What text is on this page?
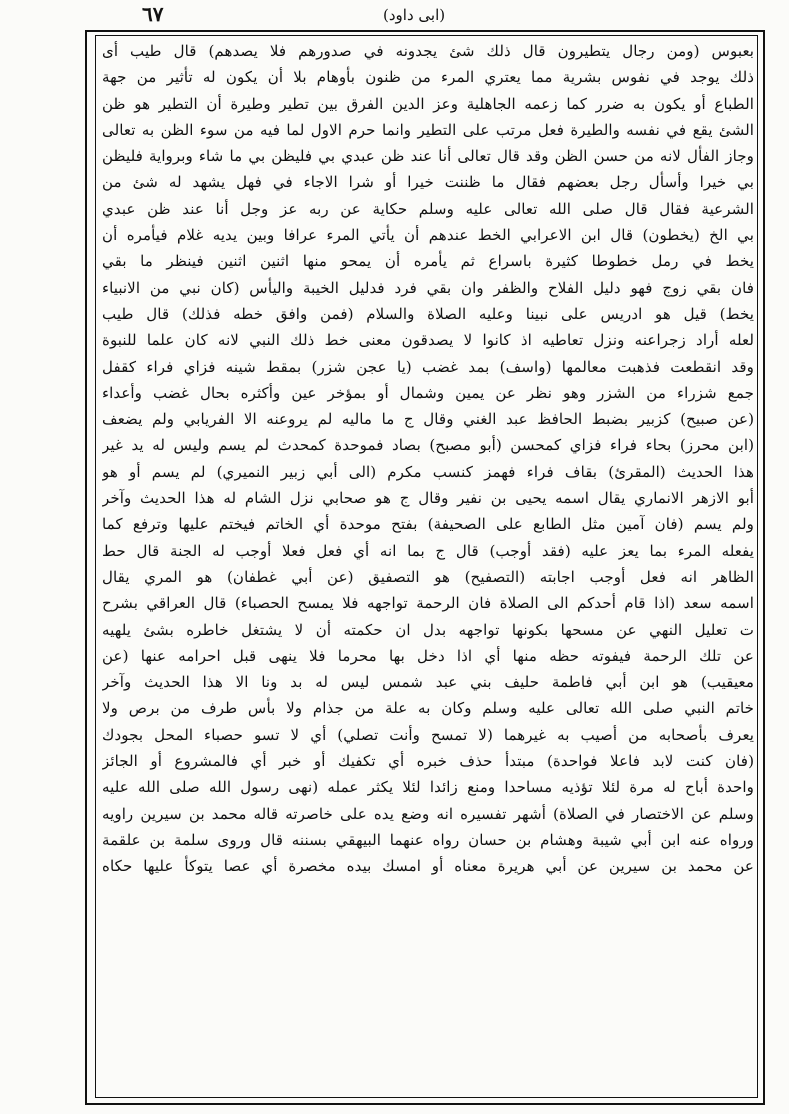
٦٧	(ابى داود)
بعبوس (ومن رجال يتطيرون قال ذلك شئ يجدونه في صدورهم فلا يصدهم) قال طيب أى
ذلك يوجد في نفوس بشرية مما يعتري المرء من ظنون بأوهام بلا أن يكون له تأثير من جهة
الطباع أو يكون به ضرر كما زعمه الجاهلية وعز الدين الفرق بين تطير وطيرة أن التطير هو ظن
الشئ يقع في نفسه والطيرة فعل مرتب على التطير وانما حرم الاول لما فيه من سوء الظن به تعالى
وجاز الفأل لانه من حسن الظن وقد قال تعالى أنا عند ظن عبدي بي فليظن بي ما شاء وبرواية فليظن
بي خيرا وأسأل رجل بعضهم فقال ما ظننت خيرا أو شرا الاجاء في فهل يشهد له شئ من
الشرعية فقال قال صلى الله تعالى عليه وسلم حكاية عن ربه عز وجل أنا عند ظن عبدي
بي الخ (يخطون) قال ابن الاعرابي الخط عندهم أن يأتي المرء عرافا وبين يديه غلام فيأمره أن
يخط في رمل خطوطا كثيرة باسراع ثم يأمره أن يمحو منها اثنين اثنين فينظر ما بقي
فان بقي زوج فهو دليل الفلاح والظفر وان بقي فرد فدليل الخيبة واليأس (كان نبي من الانبياء
يخط) قيل هو ادريس على نبينا وعليه الصلاة والسلام (فمن وافق خطه فذلك) قال طيب
لعله أراد زجراعنه ونزل تعاطيه اذ كانوا لا يصدقون معنى خط ذلك النبي لانه كان علما للنبوة
وقد انقطعت فذهبت معالمها (واسف) بمد غضب (يا عجن شزر) بمقط شينه فزاي فراء كقفل
جمع شزراء من الشزر وهو نظر عن يمين وشمال أو بمؤخر عين وأكثره بحال غضب وأعداء
(عن صبيح) كزبير بضبط الحافظ عبد الغني وقال ج ما ماليه لم يروعنه الا الفريابي ولم يضعف
(ابن محرز) بحاء فراء فزاي كمحسن (أبو مصبح) بصاد فموحدة كمحدث لم يسم وليس له يد غير
هذا الحديث (المقرئ) بقاف فراء فهمز كنسب مكرم (الى أبي زبير النميري) لم يسم أو هو
أبو الازهر الانماري يقال اسمه يحيى بن نفير وقال ج هو صحابي نزل الشام له هذا الحديث وآخر
ولم يسم (فان آمين مثل الطابع على الصحيفة) بفتح موحدة أي الخاتم فيختم عليها وترفع كما
يفعله المرء بما يعز عليه (فقد أوجب) قال ج بما انه أي فعل فعلا أوجب له الجنة قال حط
الظاهر انه فعل أوجب اجابته (التصفيح) هو التصفيق (عن أبي غطفان) هو المري يقال
اسمه سعد (اذا قام أحدكم الى الصلاة فان الرحمة تواجهه فلا يمسح الحصباء) قال العراقي بشرح
ت تعليل النهي عن مسحها بكونها تواجهه بدل ان حكمته أن لا يشتغل خاطره بشئ يلهيه
عن تلك الرحمة فيفوته حظه منها أي اذا دخل بها محرما فلا ينهى قبل احرامه عنها (عن
معيقيب) هو ابن أبي فاطمة حليف بني عبد شمس ليس له بد ونا الا هذا الحديث وآخر
خاتم النبي صلى الله تعالى عليه وسلم وكان به علة من جذام ولا بأس طرف من برص ولا
يعرف بأصحابه من أصيب به غيرهما (لا تمسح وأنت تصلي) أي لا تسو حصباء المحل بجودك
(فان كنت لابد فاعلا فواحدة) مبتدأ حذف خبره أي تكفيك أو خبر أي فالمشروع أو الجائز
واحدة أباح له مرة لئلا تؤذيه مساحدا ومنع زائدا لئلا يكثر عمله (نهى رسول الله صلى الله عليه
وسلم عن الاختصار في الصلاة) أشهر تفسيره انه وضع يده على خاصرته قاله محمد بن سيرين راويه
ورواه عنه ابن أبي شيبة وهشام بن حسان رواه عنهما البيهقي بسننه قال وروى سلمة بن علقمة
عن محمد بن سيرين عن أبي هريرة معناه أو امسك بيده مخصرة أي عصا يتوكأ عليها حكاه
